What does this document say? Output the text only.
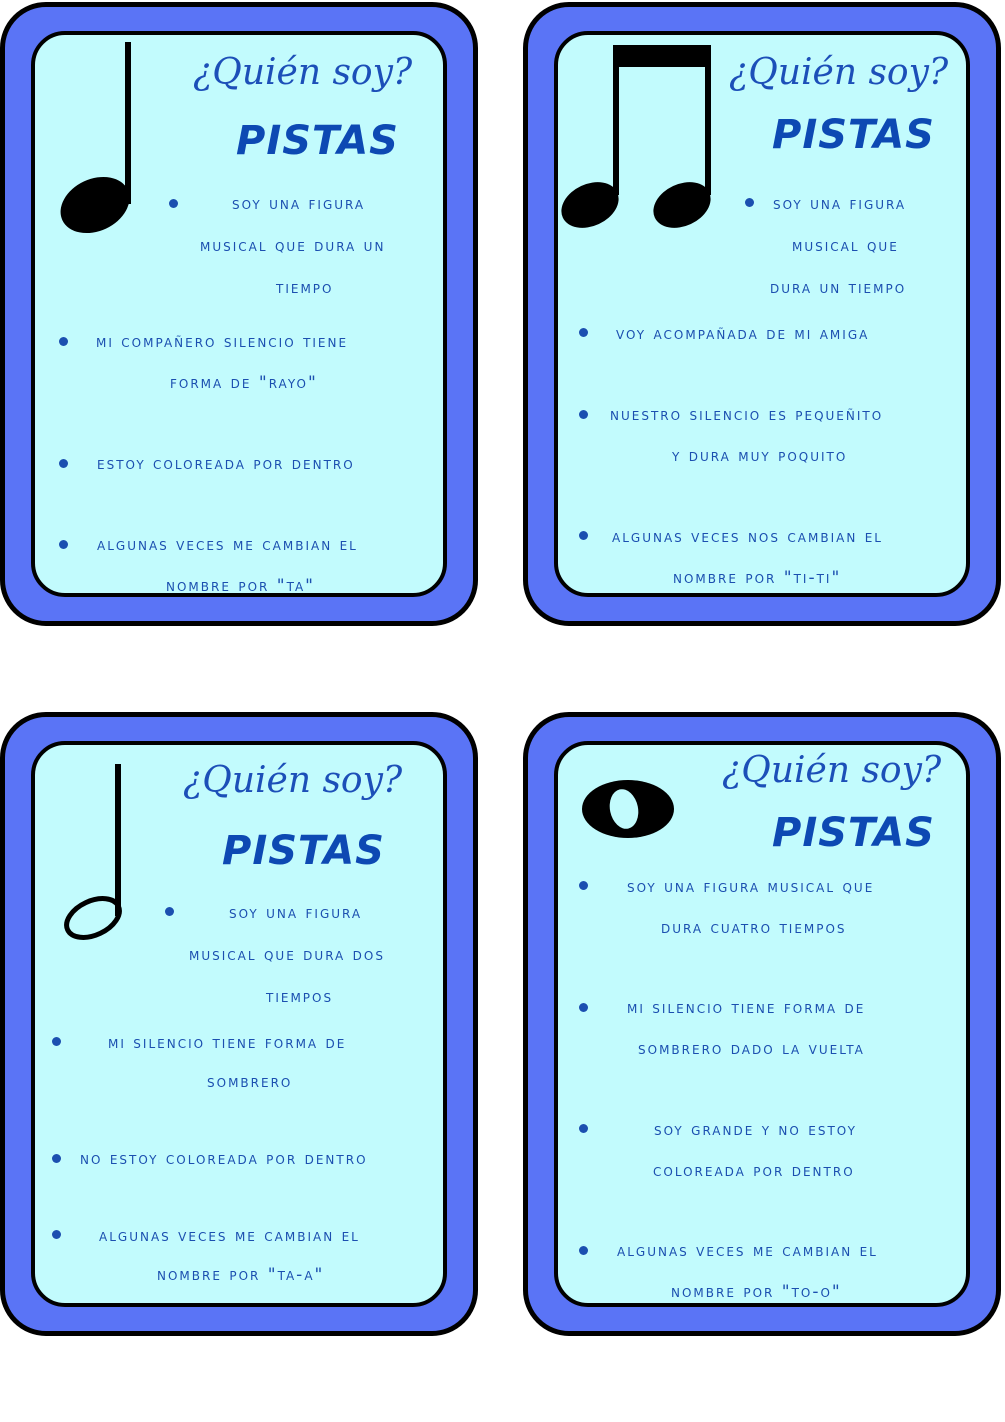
¿Quién soy?
PISTAS
soy una figura
musical que dura un
tiempo
mi compañero silencio tiene
forma de "rayo"
estoy coloreada por dentro
algunas veces me cambian el
nombre por "ta"
¿Quién soy?
PISTAS
soy una figura
musical que
dura un tiempo
voy acompañada de mi amiga
nuestro silencio es pequeñito
y dura muy poquito
algunas veces nos cambian el
nombre por "ti-ti"
¿Quién soy?
PISTAS
soy una figura
musical que dura dos
tiempos
mi silencio tiene forma de
sombrero
no estoy coloreada por dentro
algunas veces me cambian el
nombre por "ta-a"
¿Quién soy?
PISTAS
soy una figura musical que
dura cuatro tiempos
mi silencio tiene forma de
sombrero dado la vuelta
soy grande y no estoy
coloreada por dentro
algunas veces me cambian el
nombre por "to-o"
